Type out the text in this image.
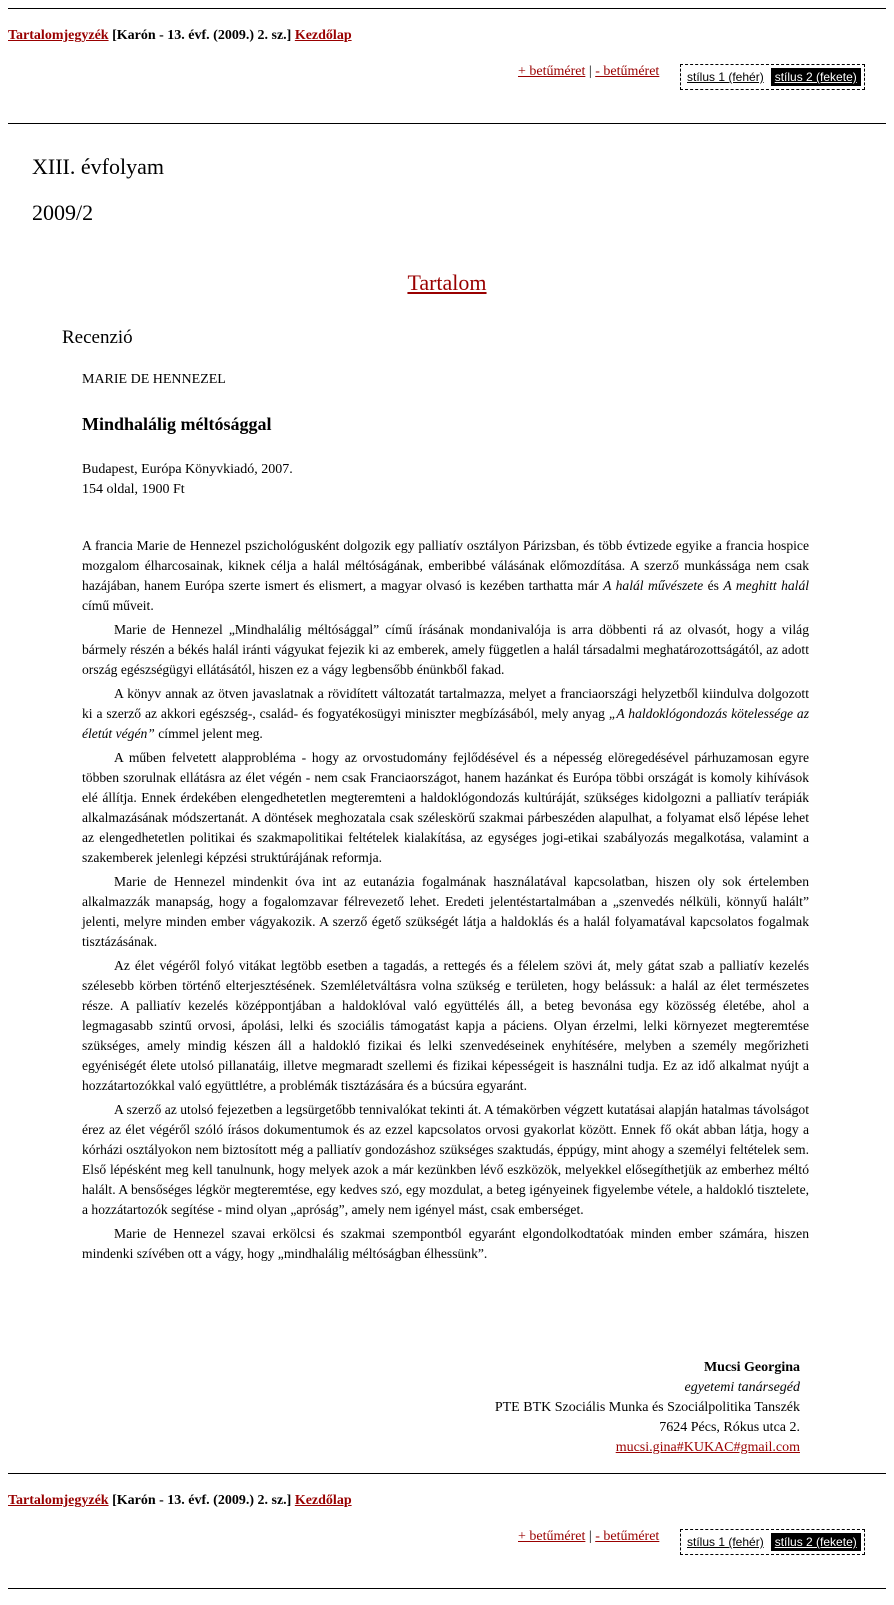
Tartalomjegyzék [Karón - 13. évf. (2009.) 2. sz.] Kezdőlap
+ betűméret | - betűméret stílus 1 (fehér) stílus 2 (fekete)
XIII. évfolyam
2009/2
Tartalom
Recenzió
MARIE DE HENNEZEL
Mindhalálig méltósággal
Budapest, Európa Könyvkiadó, 2007.
154 oldal, 1900 Ft

A francia Marie de Hennezel pszichológusként dolgozik egy palliatív osztályon Párizsban, és több évtizede egyike a francia hospice mozgalom élharcosainak, kiknek célja a halál méltóságának, emberibbé válásának előmozdítása. A szerző munkássága nem csak hazájában, hanem Európa szerte ismert és elismert, a magyar olvasó is kezében tarthatta már A halál művészete és A meghitt halál című műveit.

Marie de Hennezel „Mindhalálig méltósággal” című írásának mondanivalója is arra döbbenti rá az olvasót, hogy a világ bármely részén a békés halál iránti vágyukat fejezik ki az emberek, amely független a halál társadalmi meghatározottságától, az adott ország egészségügyi ellátásától, hiszen ez a vágy legbensőbb énünkből fakad.

A könyv annak az ötven javaslatnak a rövidített változatát tartalmazza, melyet a franciaországi helyzetből kiindulva dolgozott ki a szerző az akkori egészség-, család- és fogyatékosügyi miniszter megbízásából, mely anyag „A haldoklógondozás kötelessége az életút végén” címmel jelent meg.

A műben felvetett alapprobléma - hogy az orvostudomány fejlődésével és a népesség elöregedésével párhuzamosan egyre többen szorulnak ellátásra az élet végén - nem csak Franciaországot, hanem hazánkat és Európa többi országát is komoly kihívások elé állítja. Ennek érdekében elengedhetetlen megteremteni a haldoklógondozás kultúráját, szükséges kidolgozni a palliatív terápiák alkalmazásának módszertanát. A döntések meghozatala csak széleskörű szakmai párbeszéden alapulhat, a folyamat első lépése lehet az elengedhetetlen politikai és szakmapolitikai feltételek kialakítása, az egységes jogi-etikai szabályozás megalkotása, valamint a szakemberek jelenlegi képzési struktúrájának reformja.

Marie de Hennezel mindenkit óva int az eutanázia fogalmának használatával kapcsolatban, hiszen oly sok értelemben alkalmazzák manapság, hogy a fogalomzavar félrevezető lehet. Eredeti jelentéstartalmában a „szenvedés nélküli, könnyű halált” jelenti, melyre minden ember vágyakozik. A szerző égető szükségét látja a haldoklás és a halál folyamatával kapcsolatos fogalmak tisztázásának.

Az élet végéről folyó vitákat legtöbb esetben a tagadás, a rettegés és a félelem szövi át, mely gátat szab a palliatív kezelés szélesebb körben történő elterjesztésének. Szemléletváltásra volna szükség e területen, hogy belássuk: a halál az élet természetes része. A palliatív kezelés középpontjában a haldoklóval való együttélés áll, a beteg bevonása egy közösség életébe, ahol a legmagasabb szintű orvosi, ápolási, lelki és szociális támogatást kapja a páciens. Olyan érzelmi, lelki környezet megteremtése szükséges, amely mindig készen áll a haldokló fizikai és lelki szenvedéseinek enyhítésére, melyben a személy megőrizheti egyéniségét élete utolsó pillanatáig, illetve megmaradt szellemi és fizikai képességeit is használni tudja. Ez az idő alkalmat nyújt a hozzátartozókkal való együttlétre, a problémák tisztázására és a búcsúra egyaránt.

A szerző az utolsó fejezetben a legsürgetőbb tennivalókat tekinti át. A témakörben végzett kutatásai alapján hatalmas távolságot érez az élet végéről szóló írásos dokumentumok és az ezzel kapcsolatos orvosi gyakorlat között. Ennek fő okát abban látja, hogy a kórházi osztályokon nem biztosított még a palliatív gondozáshoz szükséges szaktudás, éppúgy, mint ahogy a személyi feltételek sem. Első lépésként meg kell tanulnunk, hogy melyek azok a már kezünkben lévő eszközök, melyekkel elősegíthetjük az emberhez méltó halált. A bensőséges légkör megteremtése, egy kedves szó, egy mozdulat, a beteg igényeinek figyelembe vétele, a haldokló tisztelete, a hozzátartozók segítése - mind olyan „apróság”, amely nem igényel mást, csak emberséget.

Marie de Hennezel szavai erkölcsi és szakmai szempontból egyaránt elgondolkodtatóak minden ember számára, hiszen mindenki szívében ott a vágy, hogy „mindhalálig méltóságban élhessünk”.

Mucsi Georgina
egyetemi tanársegéd
PTE BTK Szociális Munka és Szociálpolitika Tanszék
7624 Pécs, Rókus utca 2.
mucsi.gina#KUKAC#gmail.com
Tartalomjegyzék [Karón - 13. évf. (2009.) 2. sz.] Kezdőlap
+ betűméret | - betűméret stílus 1 (fehér) stílus 2 (fekete)
